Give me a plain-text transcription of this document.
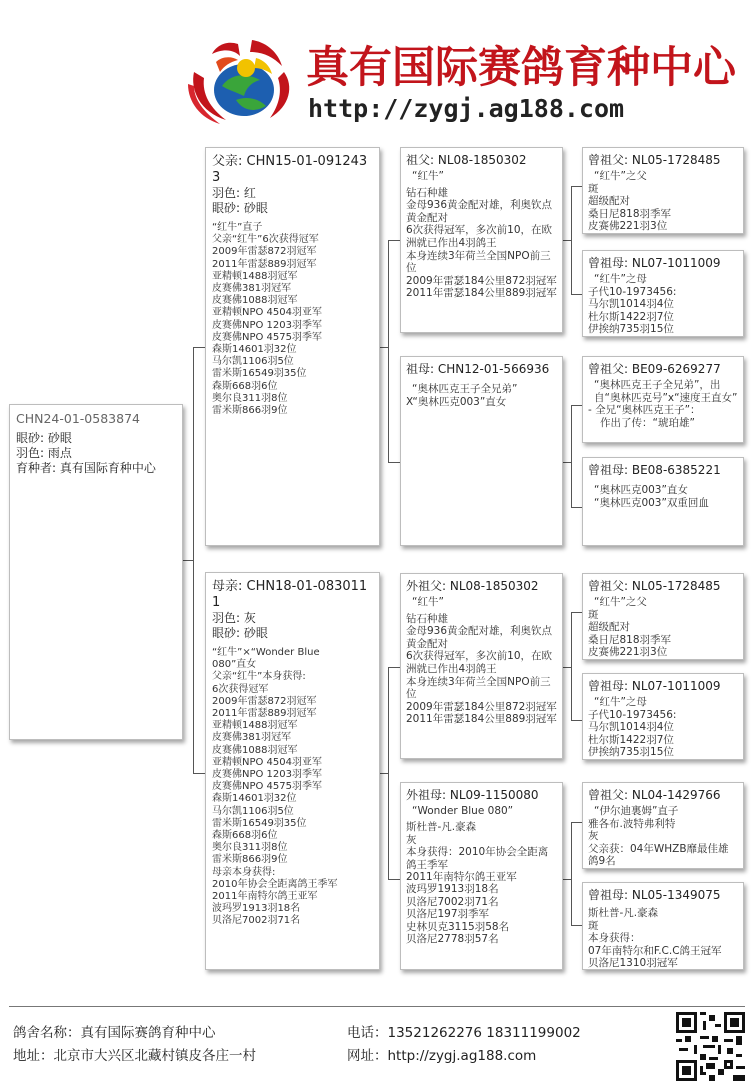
真有国际赛鸽育种中心
http://zygj.ag188.com
CHN24-01-0583874
眼砂: 砂眼
羽色: 雨点
育种者: 真有国际育种中心
父亲: CHN15-01-0912433
羽色: 红
眼砂: 砂眼
“红牛”直子
父亲“红牛”6次获得冠军
2009年雷瑟872羽冠军
2011年雷瑟889羽冠军
亚精顿1488羽冠军
皮赛佛381羽冠军
皮赛佛1088羽冠军
亚精顿NPO 4504羽亚军
皮赛佛NPO 1203羽季军
皮赛佛NPO 4575羽季军
森斯14601羽32位
马尔凯1106羽5位
雷米斯16549羽35位
森斯668羽6位
奥尔良311羽8位
雷米斯866羽9位
母亲: CHN18-01-0830111
羽色: 灰
眼砂: 砂眼
“红牛”×“Wonder Blue
080”直女
父亲“红牛”本身获得:
6次获得冠军
2009年雷瑟872羽冠军
2011年雷瑟889羽冠军
亚精顿1488羽冠军
皮赛佛381羽冠军
皮赛佛1088羽冠军
亚精顿NPO 4504羽亚军
皮赛佛NPO 1203羽季军
皮赛佛NPO 4575羽季军
森斯14601羽32位
马尔凯1106羽5位
雷米斯16549羽35位
森斯668羽6位
奥尔良311羽8位
雷米斯866羽9位
母亲本身获得:
2010年协会全距离鸽王季军
2011年南特尔鸽王亚军
波玛罗1913羽18名
贝洛尼7002羽71名
祖父: NL08-1850302
“红牛”
钻石种雄
金母936黄金配对雄，利奥钦点黄金配对
6次获得冠军，多次前10，在欧洲就已作出4羽鸽王
本身连续3年荷兰全国NPO前三位
2009年雷瑟184公里872羽冠军
2011年雷瑟184公里889羽冠军
祖母: CHN12-01-566936
“奥林匹克王子全兄弟”
X“奥林匹克003”直女
外祖父: NL08-1850302
“红牛”
钻石种雄
金母936黄金配对雄，利奥钦点黄金配对
6次获得冠军，多次前10，在欧洲就已作出4羽鸽王
本身连续3年荷兰全国NPO前三位
2009年雷瑟184公里872羽冠军
2011年雷瑟184公里889羽冠军
外祖母: NL09-1150080
“Wonder Blue 080”
斯杜普-凡.豪森
灰
本身获得：2010年协会全距离鸽王季军
2011年南特尔鸽王亚军
波玛罗1913羽18名
贝洛尼7002羽71名
贝洛尼197羽季军
史林贝克3115羽58名
贝洛尼2778羽57名
曾祖父: NL05-1728485
“红牛”之父
斑
超级配对
桑日尼818羽季军
皮赛佛221羽3位
曾祖母: NL07-1011009
“红牛”之母
子代10-1973456:
马尔凯1014羽4位
杜尔斯1422羽7位
伊挨纳735羽15位
曾祖父: BE09-6269277
“奥林匹克王子全兄弟”，出自“奥林匹克号”x“速度王直女”
- 全兄“奥林匹克王子”：
作出了传：“琥珀雄”
曾祖母: BE08-6385221
“奥林匹克003”直女
“奥林匹克003”双重回血
曾祖父: NL05-1728485
“红牛”之父
斑
超级配对
桑日尼818羽季军
皮赛佛221羽3位
曾祖母: NL07-1011009
“红牛”之母
子代10-1973456:
马尔凯1014羽4位
杜尔斯1422羽7位
伊挨纳735羽15位
曾祖父: NL04-1429766
“伊尔迪裏姆”直子
雅各布.波特弗利特
灰
父亲获：04年WHZB靡最佳雄
鸽9名
曾祖母: NL05-1349075
斯杜普-凡.豪森
斑
本身获得：
07年南特尔和F.C.C鸽王冠军
贝洛尼1310羽冠军
鸽舍名称：真有国际赛鸽育种中心
地址：北京市大兴区北藏村镇皮各庄一村
电话：13521262276 18311199002
网址：http://zygj.ag188.com
